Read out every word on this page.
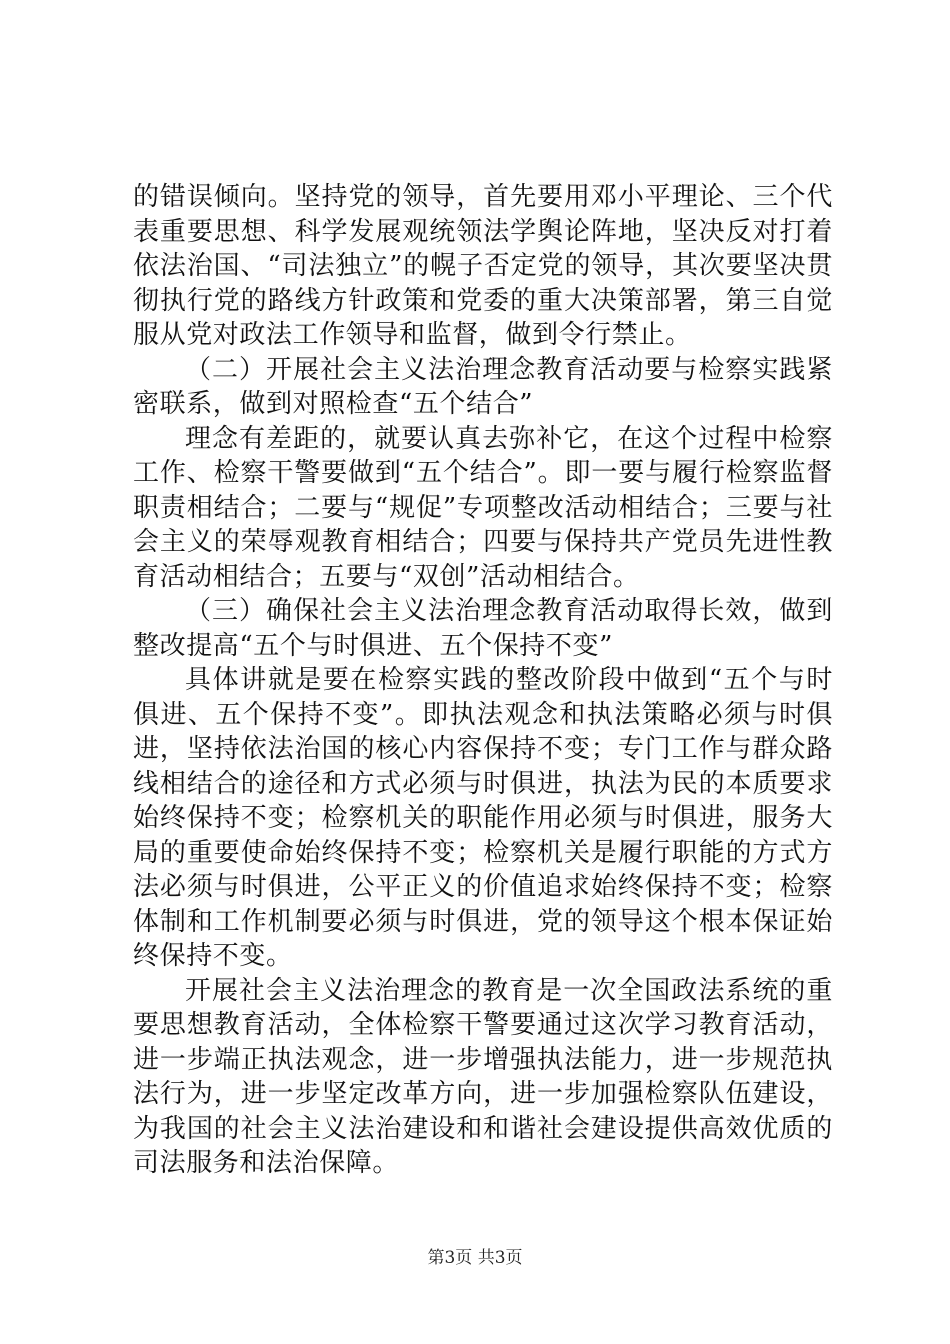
的错误倾向。坚持党的领导，首先要用邓小平理论、三个代表重要思想、科学发展观统领法学舆论阵地，坚决反对打着依法治国、“司法独立”的幌子否定党的领导，其次要坚决贯彻执行党的路线方针政策和党委的重大决策部署，第三自觉服从党对政法工作领导和监督，做到令行禁止。

（二）开展社会主义法治理念教育活动要与检察实践紧密联系，做到对照检查“五个结合”

理念有差距的，就要认真去弥补它，在这个过程中检察工作、检察干警要做到“五个结合”。即一要与履行检察监督职责相结合；二要与“规促”专项整改活动相结合；三要与社会主义的荣辱观教育相结合；四要与保持共产党员先进性教育活动相结合；五要与“双创”活动相结合。

（三）确保社会主义法治理念教育活动取得长效，做到整改提高“五个与时俱进、五个保持不变”

具体讲就是要在检察实践的整改阶段中做到“五个与时俱进、五个保持不变”。即执法观念和执法策略必须与时俱进，坚持依法治国的核心内容保持不变；专门工作与群众路线相结合的途径和方式必须与时俱进，执法为民的本质要求始终保持不变；检察机关的职能作用必须与时俱进，服务大局的重要使命始终保持不变；检察机关是履行职能的方式方法必须与时俱进，公平正义的价值追求始终保持不变；检察体制和工作机制要必须与时俱进，党的领导这个根本保证始终保持不变。

开展社会主义法治理念的教育是一次全国政法系统的重要思想教育活动，全体检察干警要通过这次学习教育活动，进一步端正执法观念，进一步增强执法能力，进一步规范执法行为，进一步坚定改革方向，进一步加强检察队伍建设，为我国的社会主义法治建设和和谐社会建设提供高效优质的司法服务和法治保障。

第3页 共3页
